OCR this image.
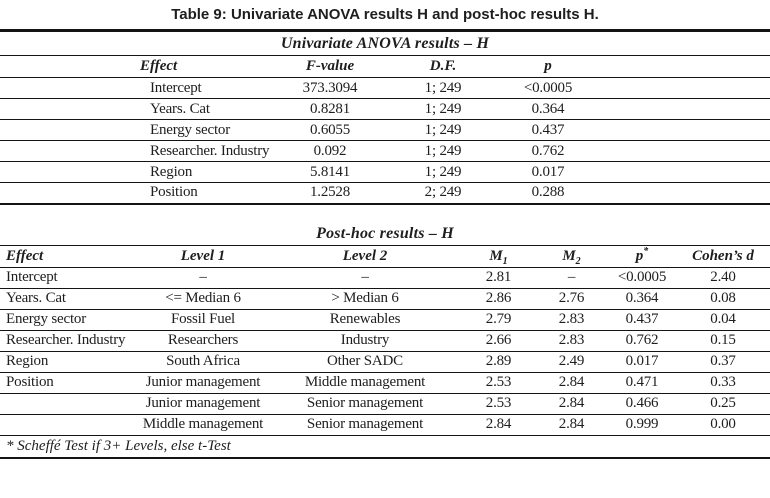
Table 9: Univariate ANOVA results H and post-hoc results H.
Univariate ANOVA results – H
	Effect	F-value	D.F.	p	
	Intercept	373.3094	1; 249	<0.0005	
	Years. Cat	0.8281	1; 249	0.364	
	Energy sector	0.6055	1; 249	0.437	
	Researcher. Industry	0.092	1; 249	0.762	
	Region	5.8141	1; 249	0.017	
	Position	1.2528	2; 249	0.288	
Post-hoc results – H
Effect	Level 1	Level 2	$M_1$	$M_2$	p*	Cohen’s d
Intercept	–	–	2.81	–	<0.0005	2.40
Years. Cat	<= Median 6	> Median 6	2.86	2.76	0.364	0.08
Energy sector	Fossil Fuel	Renewables	2.79	2.83	0.437	0.04
Researcher. Industry	Researchers	Industry	2.66	2.83	0.762	0.15
Region	South Africa	Other SADC	2.89	2.49	0.017	0.37
Position	Junior management	Middle management	2.53	2.84	0.471	0.33
	Junior management	Senior management	2.53	2.84	0.466	0.25
	Middle management	Senior management	2.84	2.84	0.999	0.00
* Scheffé Test if 3+ Levels, else t-Test						
